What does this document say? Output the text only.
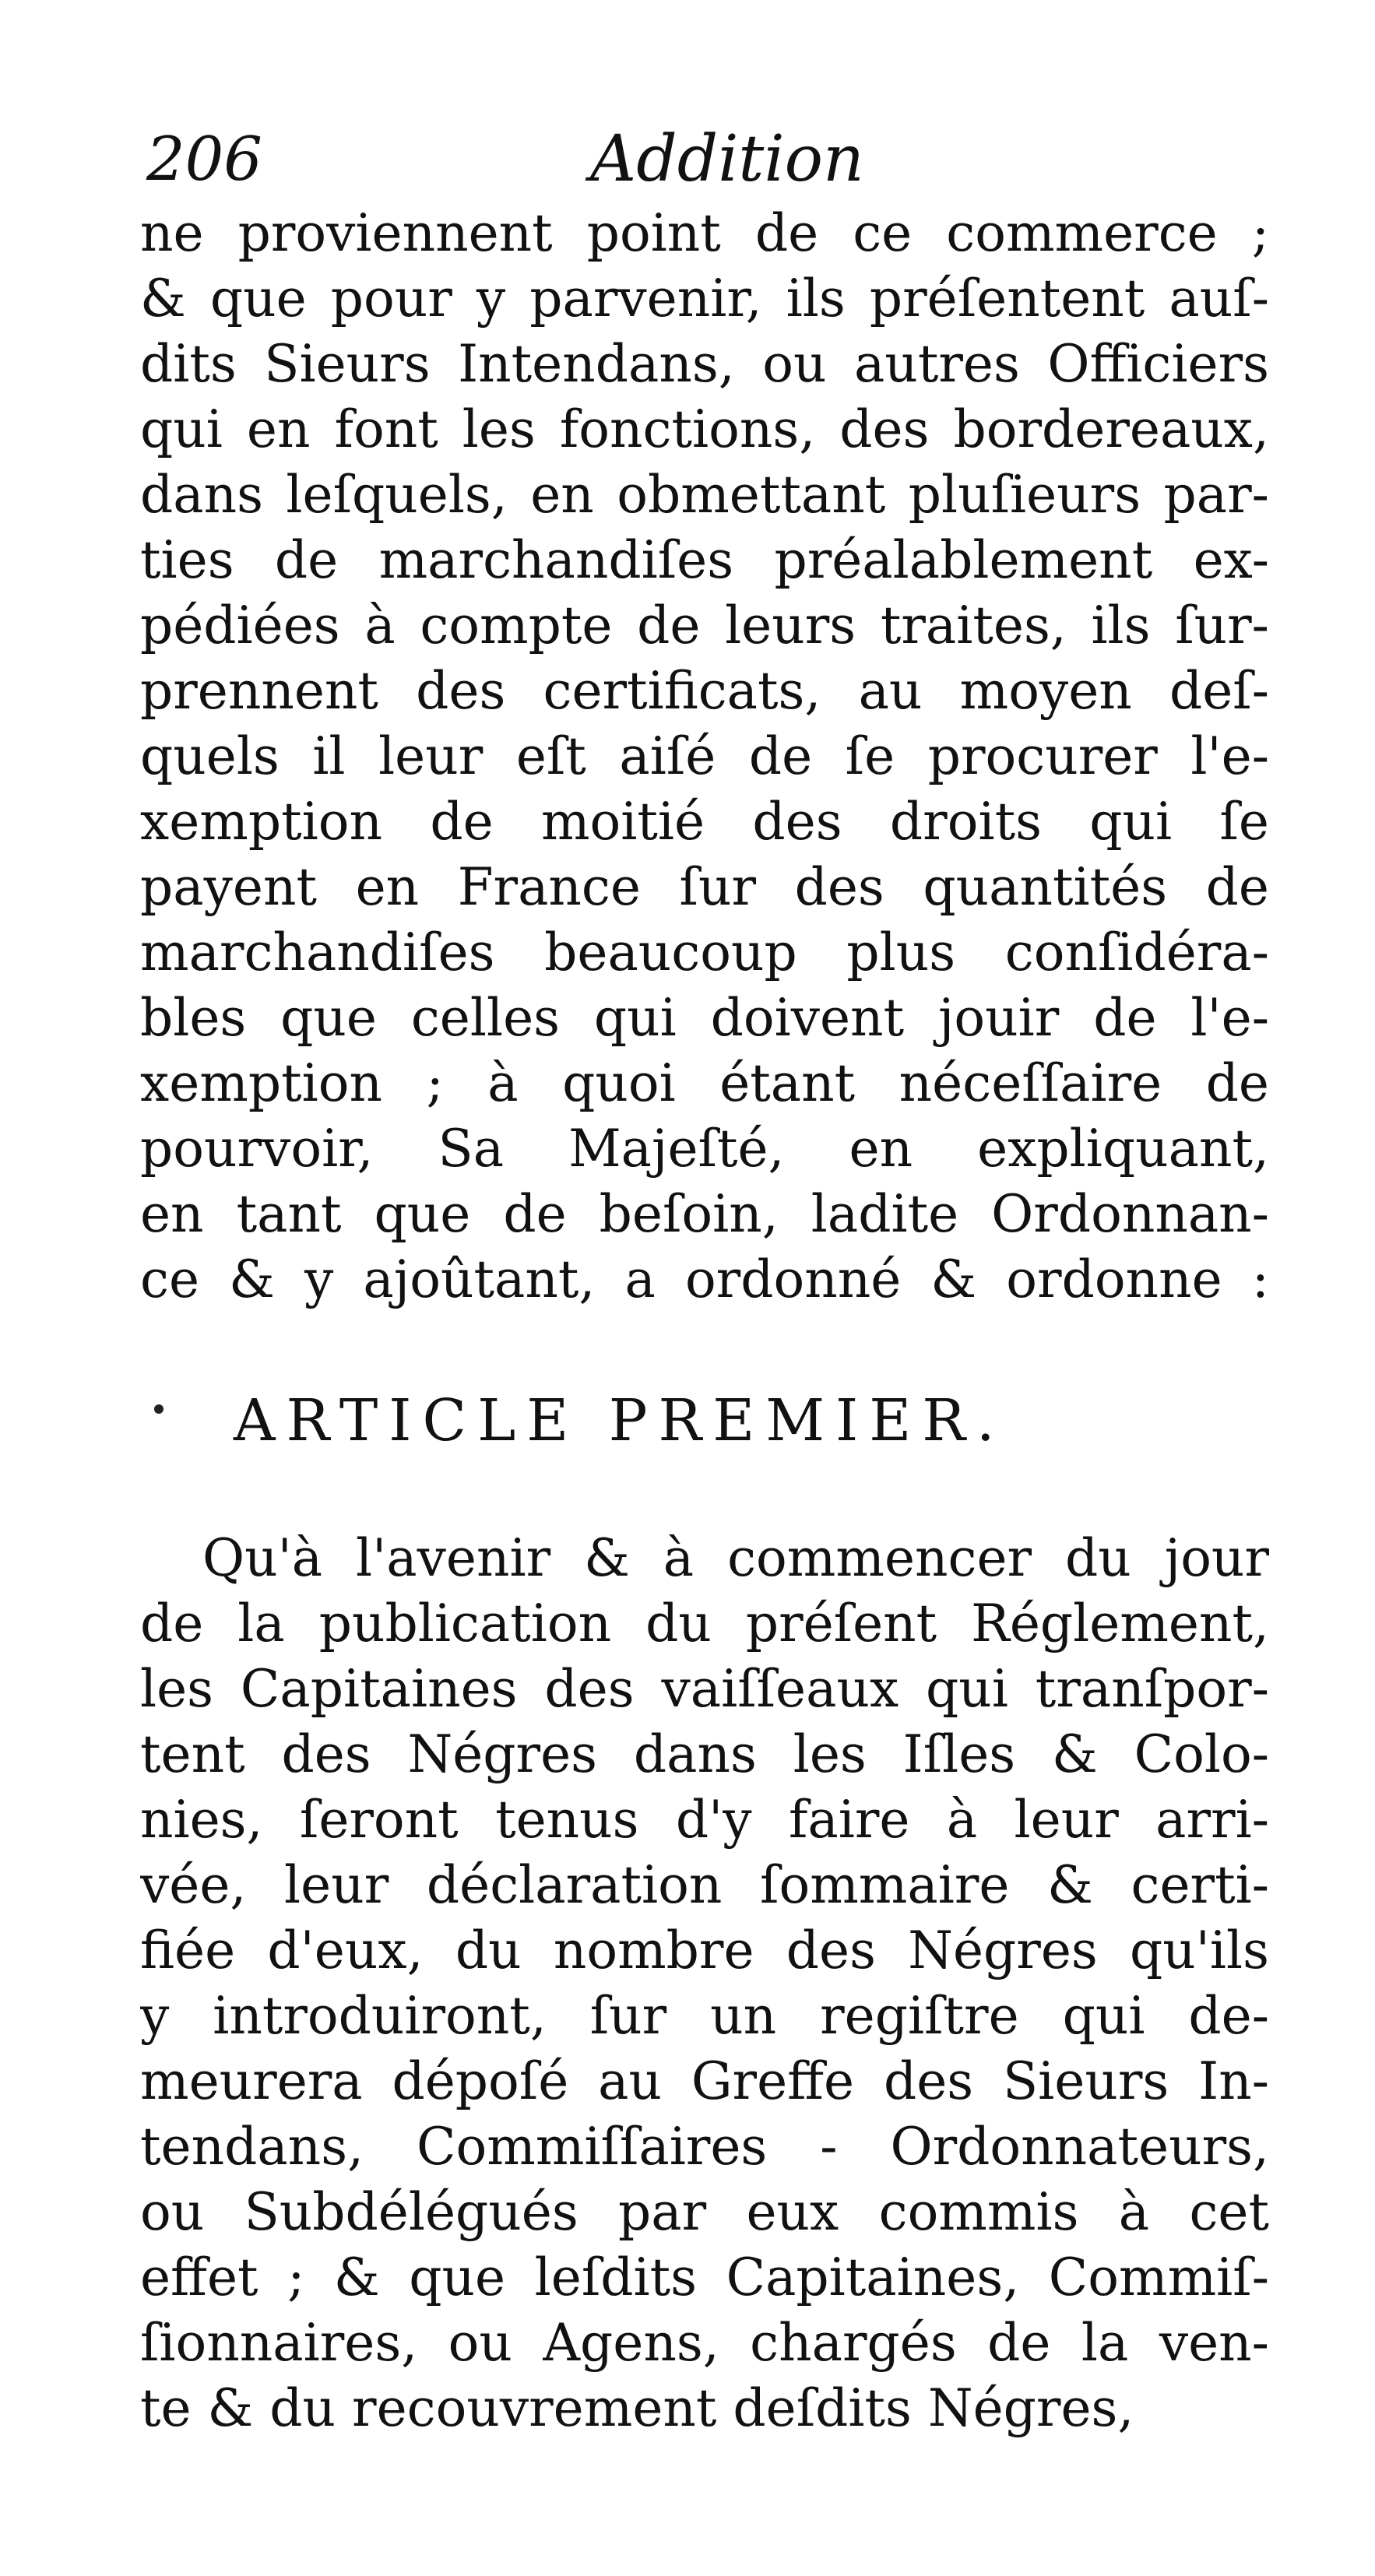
206	Addition
ne proviennent point de ce commerce ;
& que pour y parvenir, ils préſentent auſ-
dits Sieurs Intendans, ou autres Officiers
qui en font les fonctions, des bordereaux,
dans leſquels, en obmettant pluſieurs par-
ties de marchandiſes préalablement ex-
pédiées à compte de leurs traites, ils ſur-
prennent des certificats, au moyen deſ-
quels il leur eſt aiſé de ſe procurer l'e-
xemption de moitié des droits qui ſe
payent en France ſur des quantités de
marchandiſes beaucoup plus conſidéra-
bles que celles qui doivent jouir de l'e-
xemption ; à quoi étant néceſſaire de
pourvoir, Sa Majeſté, en expliquant,
en tant que de beſoin, ladite Ordonnan-
ce & y ajoûtant, a ordonné & ordonne :
ARTICLE PREMIER.
Qu'à l'avenir & à commencer du jour
de la publication du préſent Réglement,
les Capitaines des vaiſſeaux qui tranſpor-
tent des Négres dans les Iſles & Colo-
nies, ſeront tenus d'y faire à leur arri-
vée, leur déclaration ſommaire & certi-
fiée d'eux, du nombre des Négres qu'ils
y introduiront, ſur un regiſtre qui de-
meurera dépoſé au Greffe des Sieurs In-
tendans, Commiſſaires - Ordonnateurs,
ou Subdélégués par eux commis à cet
effet ; & que leſdits Capitaines, Commiſ-
ſionnaires, ou Agens, chargés de la ven-
te & du recouvrement deſdits Négres,
